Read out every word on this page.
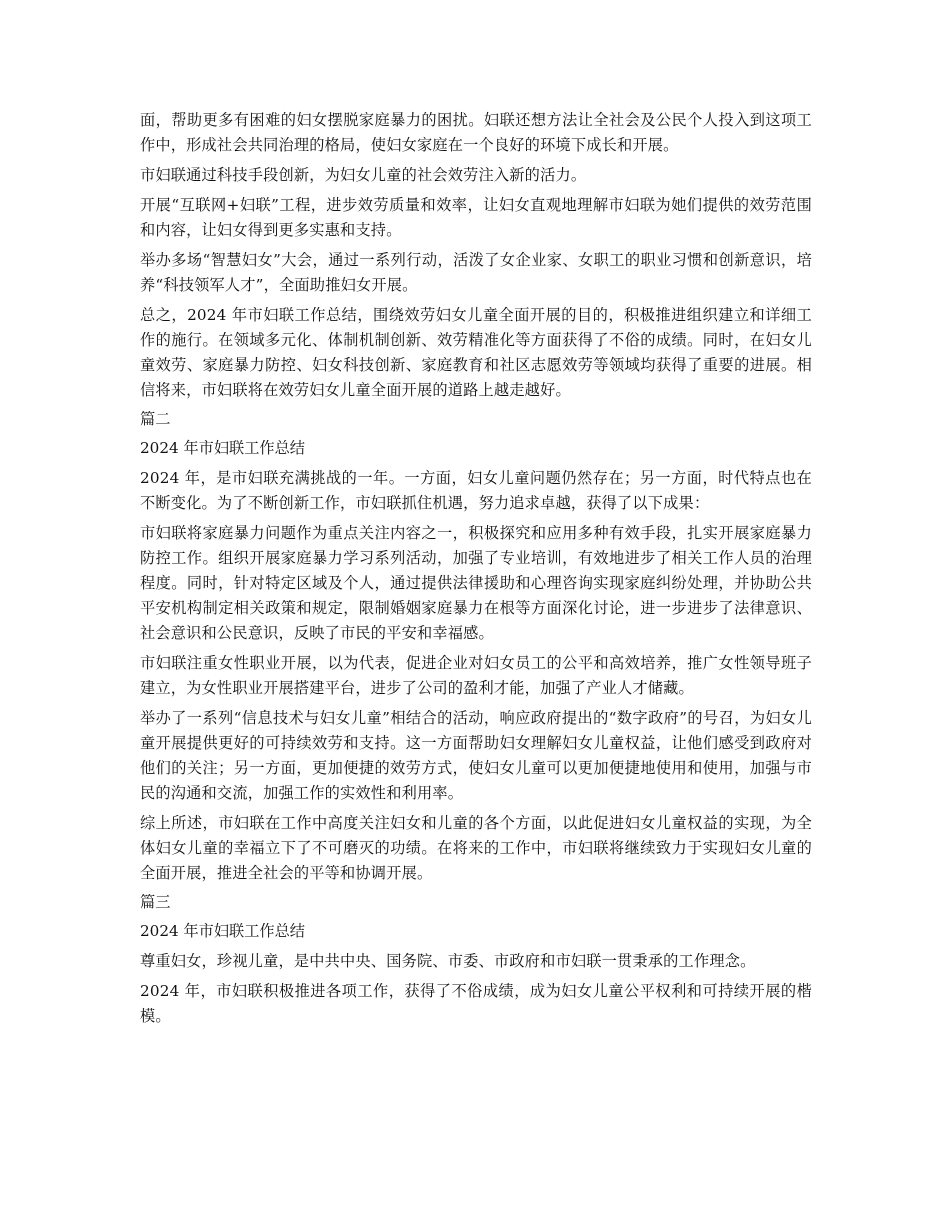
面，帮助更多有困难的妇女摆脱家庭暴力的困扰。妇联还想方法让全社会及公民个人投入到这项工作中，形成社会共同治理的格局，使妇女家庭在一个良好的环境下成长和开展。

市妇联通过科技手段创新，为妇女儿童的社会效劳注入新的活力。

开展“互联网+妇联”工程，进步效劳质量和效率，让妇女直观地理解市妇联为她们提供的效劳范围和内容，让妇女得到更多实惠和支持。

举办多场“智慧妇女”大会，通过一系列行动，活泼了女企业家、女职工的职业习惯和创新意识，培养“科技领军人才”，全面助推妇女开展。

总之，2024 年市妇联工作总结，围绕效劳妇女儿童全面开展的目的，积极推进组织建立和详细工作的施行。在领域多元化、体制机制创新、效劳精准化等方面获得了不俗的成绩。同时，在妇女儿童效劳、家庭暴力防控、妇女科技创新、家庭教育和社区志愿效劳等领域均获得了重要的进展。相信将来，市妇联将在效劳妇女儿童全面开展的道路上越走越好。

篇二

2024 年市妇联工作总结

2024 年，是市妇联充满挑战的一年。一方面，妇女儿童问题仍然存在；另一方面，时代特点也在不断变化。为了不断创新工作，市妇联抓住机遇，努力追求卓越，获得了以下成果：

市妇联将家庭暴力问题作为重点关注内容之一，积极探究和应用多种有效手段，扎实开展家庭暴力防控工作。组织开展家庭暴力学习系列活动，加强了专业培训，有效地进步了相关工作人员的治理程度。同时，针对特定区域及个人，通过提供法律援助和心理咨询实现家庭纠纷处理，并协助公共平安机构制定相关政策和规定，限制婚姻家庭暴力在根等方面深化讨论，进一步进步了法律意识、社会意识和公民意识，反映了市民的平安和幸福感。

市妇联注重女性职业开展，以为代表，促进企业对妇女员工的公平和高效培养，推广女性领导班子建立，为女性职业开展搭建平台，进步了公司的盈利才能，加强了产业人才储藏。

举办了一系列“信息技术与妇女儿童”相结合的活动，响应政府提出的“数字政府”的号召，为妇女儿童开展提供更好的可持续效劳和支持。这一方面帮助妇女理解妇女儿童权益，让他们感受到政府对他们的关注；另一方面，更加便捷的效劳方式，使妇女儿童可以更加便捷地使用和使用，加强与市民的沟通和交流，加强工作的实效性和利用率。

综上所述，市妇联在工作中高度关注妇女和儿童的各个方面，以此促进妇女儿童权益的实现，为全体妇女儿童的幸福立下了不可磨灭的功绩。在将来的工作中，市妇联将继续致力于实现妇女儿童的全面开展，推进全社会的平等和协调开展。

篇三

2024 年市妇联工作总结

尊重妇女，珍视儿童，是中共中央、国务院、市委、市政府和市妇联一贯秉承的工作理念。

2024 年，市妇联积极推进各项工作，获得了不俗成绩，成为妇女儿童公平权利和可持续开展的楷模。
